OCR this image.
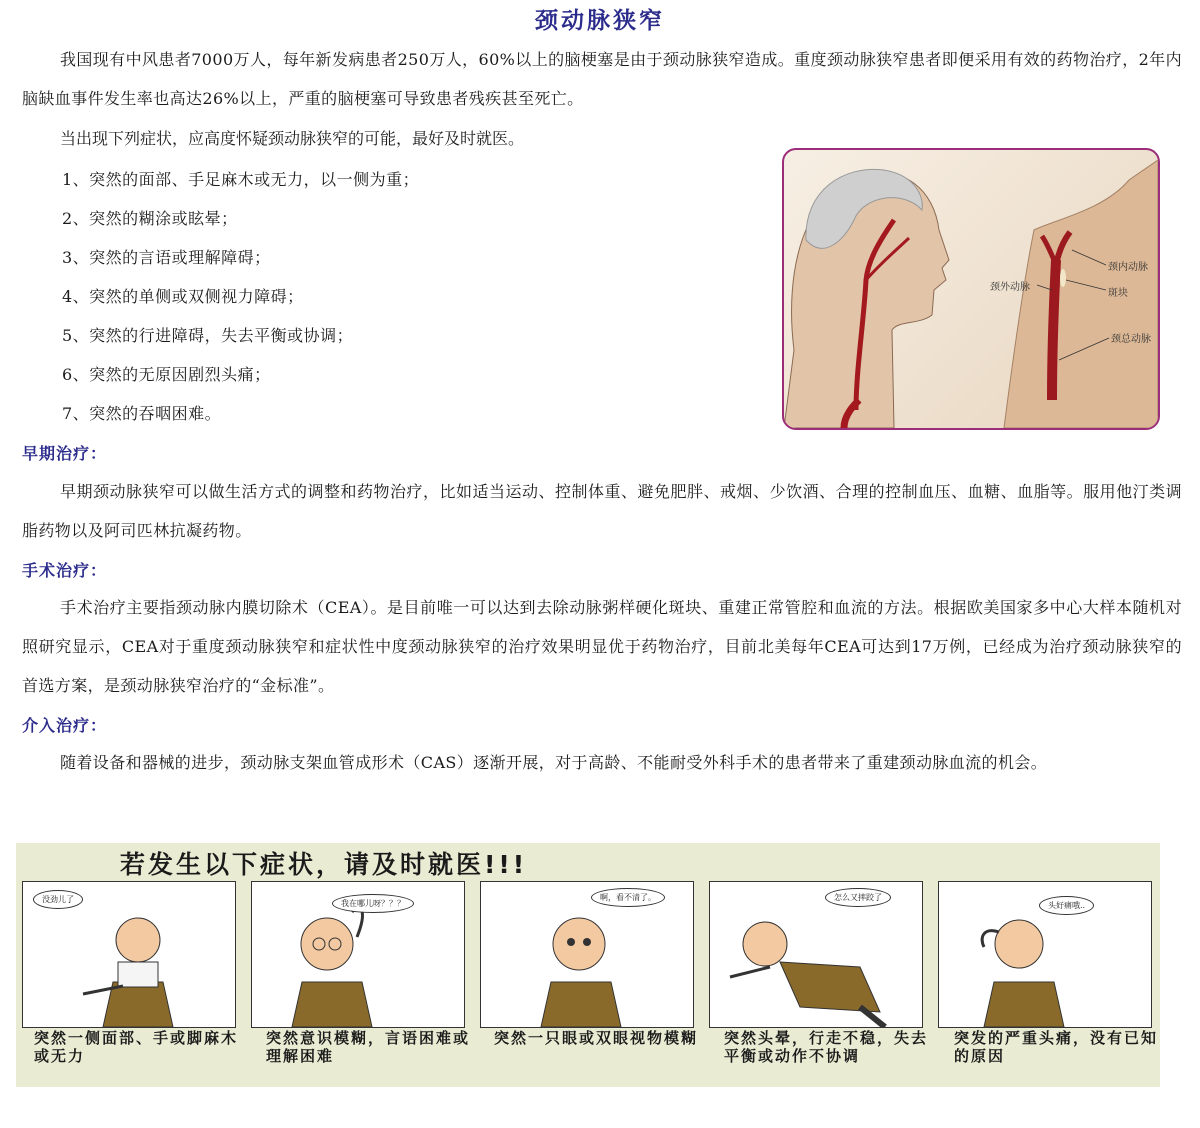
颈动脉狭窄
我国现有中风患者7000万人，每年新发病患者250万人，60%以上的脑梗塞是由于颈动脉狭窄造成。重度颈动脉狭窄患者即便采用有效的药物治疗，2年内脑缺血事件发生率也高达26%以上，严重的脑梗塞可导致患者残疾甚至死亡。
当出现下列症状，应高度怀疑颈动脉狭窄的可能，最好及时就医。
1、突然的面部、手足麻木或无力，以一侧为重；
2、突然的糊涂或眩晕；
3、突然的言语或理解障碍；
4、突然的单侧或双侧视力障碍；
5、突然的行进障碍，失去平衡或协调；
6、突然的无原因剧烈头痛；
7、突然的吞咽困难。
颈内动脉
斑块
颈总动脉
颈外动脉
早期治疗：
早期颈动脉狭窄可以做生活方式的调整和药物治疗，比如适当运动、控制体重、避免肥胖、戒烟、少饮酒、合理的控制血压、血糖、血脂等。服用他汀类调脂药物以及阿司匹林抗凝药物。
手术治疗：
手术治疗主要指颈动脉内膜切除术（CEA）。是目前唯一可以达到去除动脉粥样硬化斑块、重建正常管腔和血流的方法。根据欧美国家多中心大样本随机对照研究显示，CEA对于重度颈动脉狭窄和症状性中度颈动脉狭窄的治疗效果明显优于药物治疗，目前北美每年CEA可达到17万例，已经成为治疗颈动脉狭窄的首选方案，是颈动脉狭窄治疗的“金标准”。
介入治疗：
随着设备和器械的进步，颈动脉支架血管成形术（CAS）逐渐开展，对于高龄、不能耐受外科手术的患者带来了重建颈动脉血流的机会。
若发生以下症状，请及时就医!!!
没劲儿了
突然一侧面部、手或脚麻木或无力
我在哪儿呀？？？
突然意识模糊，言语困难或理解困难
啊，看不清了。
突然一只眼或双眼视物模糊
怎么又摔跤了
突然头晕，行走不稳，失去平衡或动作不协调
头好痛哦..
突发的严重头痛，没有已知的原因
